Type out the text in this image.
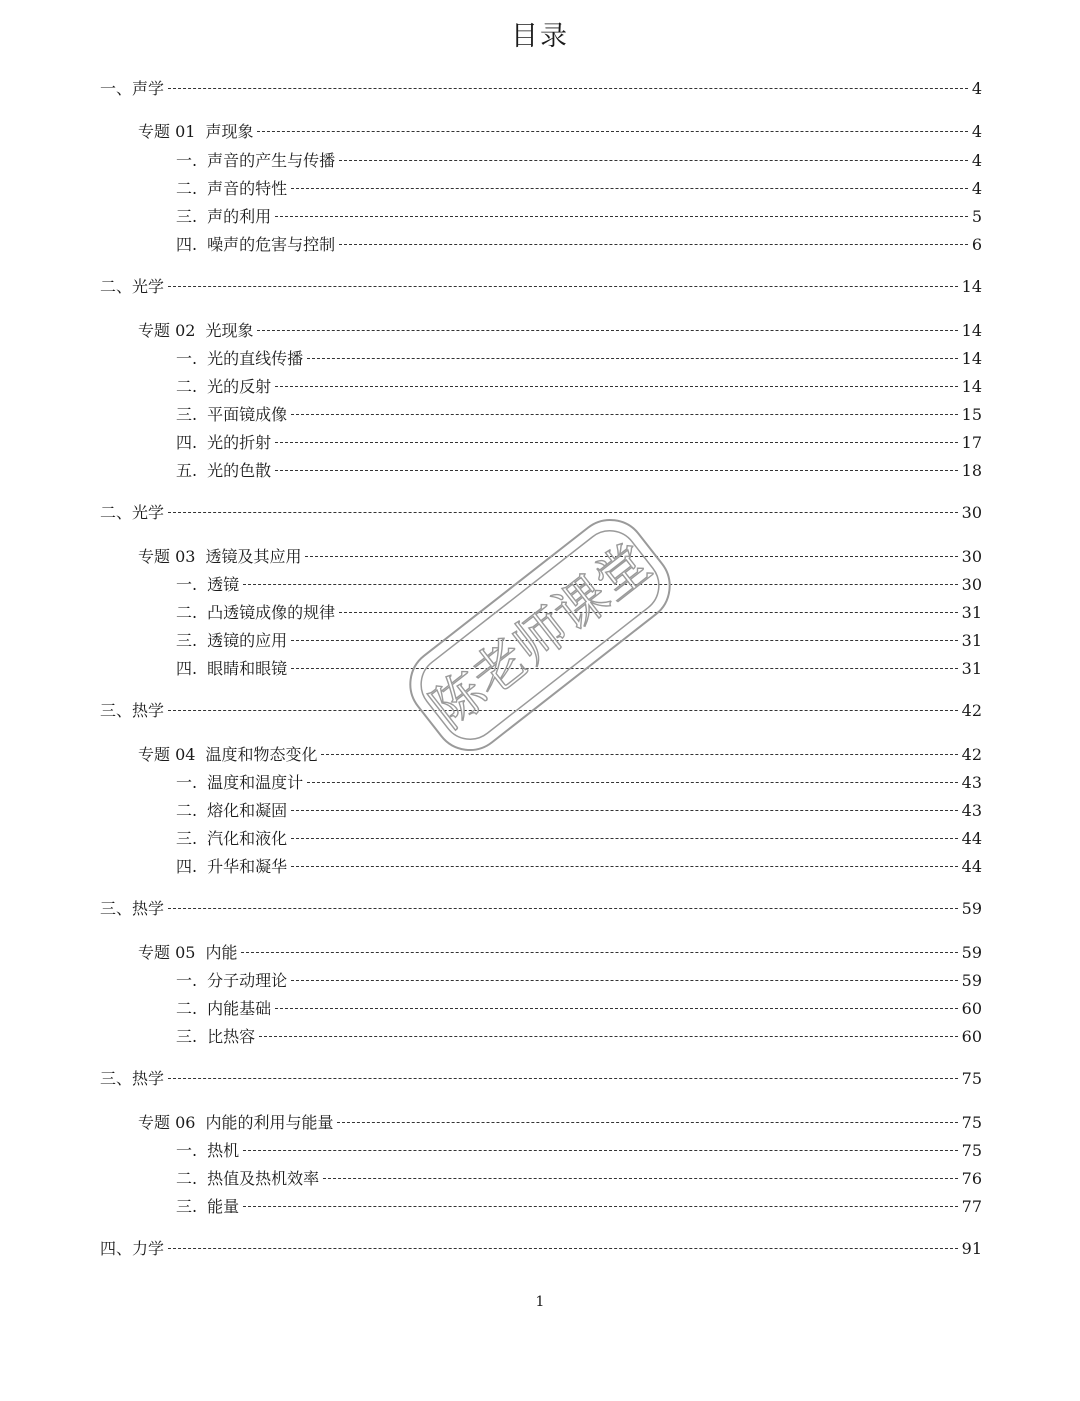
目录
一、 声学	4
专题 01 声现象	4
一. 声音的产生与传播	4
二. 声音的特性	4
三. 声的利用	5
四. 噪声的危害与控制	6
二、 光学	14
专题 02 光现象	14
一. 光的直线传播	14
二. 光的反射	14
三. 平面镜成像	15
四. 光的折射	17
五. 光的色散	18
二、 光学	30
专题 03 透镜及其应用	30
一. 透镜	30
二. 凸透镜成像的规律	31
三. 透镜的应用	31
四. 眼睛和眼镜	31
三、 热学	42
专题 04 温度和物态变化	42
一. 温度和温度计	43
二. 熔化和凝固	43
三. 汽化和液化	44
四. 升华和凝华	44
三、 热学	59
专题 05 内能	59
一. 分子动理论	59
二. 内能基础	60
三. 比热容	60
三、 热学	75
专题 06 内能的利用与能量	75
一. 热机	75
二. 热值及热机效率	76
三. 能量	77
四、 力学	91
陈老师课堂
1
